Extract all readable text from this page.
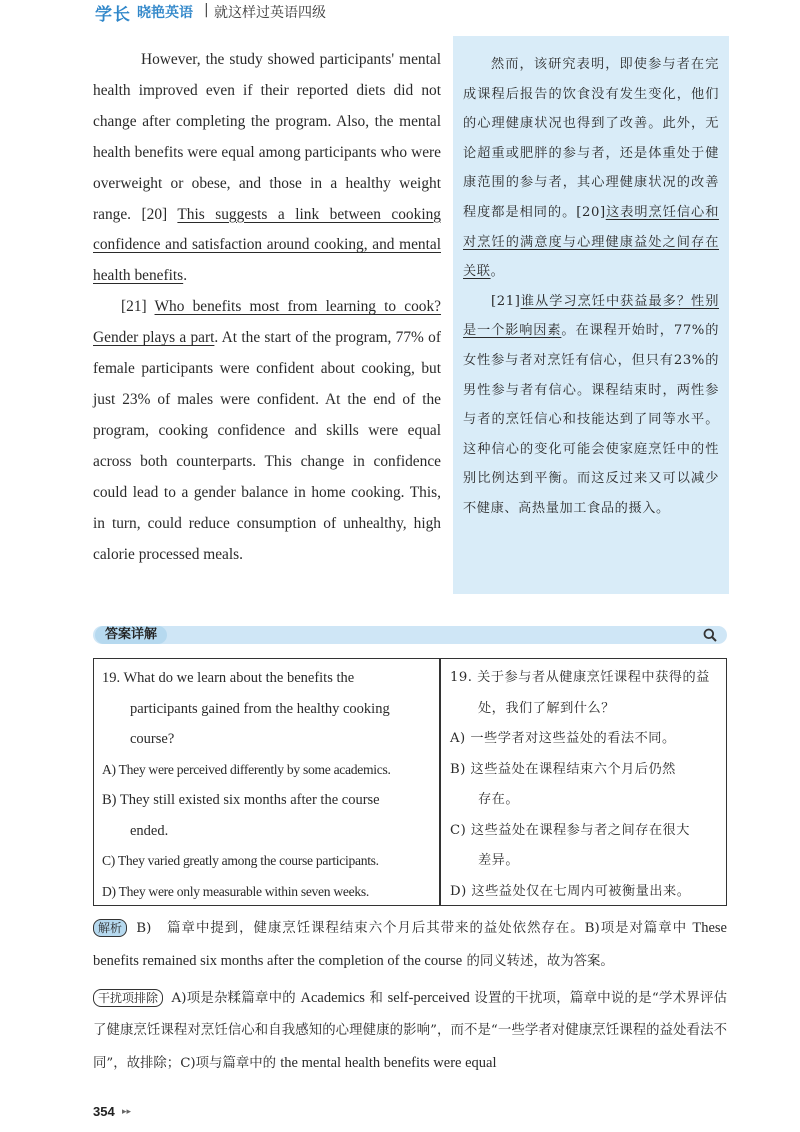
学长 晓艳英语 | 就这样过英语四级

However, the study showed participants' mental health improved even if their reported diets did not change after completing the program. Also, the mental health benefits were equal among participants who were overweight or obese, and those in a healthy weight range. [20] This suggests a link between cooking confidence and satisfaction around cooking, and mental health benefits.

[21] Who benefits most from learning to cook? Gender plays a part. At the start of the program, 77% of female participants were confident about cooking, but just 23% of males were confident. At the end of the program, cooking confidence and skills were equal across both counterparts. This change in confidence could lead to a gender balance in home cooking. This, in turn, could reduce consumption of unhealthy, high calorie processed meals.

然而，该研究表明，即使参与者在完成课程后报告的饮食没有发生变化，他们的心理健康状况也得到了改善。此外，无论超重或肥胖的参与者，还是体重处于健康范围的参与者，其心理健康状况的改善程度都是相同的。[20]这表明烹饪信心和对烹饪的满意度与心理健康益处之间存在关联。

[21]谁从学习烹饪中获益最多？性别是一个影响因素。在课程开始时，77%的女性参与者对烹饪有信心，但只有23%的男性参与者有信心。课程结束时，两性参与者的烹饪信心和技能达到了同等水平。这种信心的变化可能会使家庭烹饪中的性别比例达到平衡。而这反过来又可以减少不健康、高热量加工食品的摄入。

答案详解
19. What do we learn about the benefits the
participants gained from the healthy cooking
course?
A) They were perceived differently by some academics.
B) They still existed six months after the course
ended.
C) They varied greatly among the course participants.
D) They were only measurable within seven weeks.
19. 关于参与者从健康烹饪课程中获得的益
处，我们了解到什么？
A) 一些学者对这些益处的看法不同。
B) 这些益处在课程结束六个月后仍然
存在。
C) 这些益处在课程参与者之间存在很大
差异。
D) 这些益处仅在七周内可被衡量出来。

解析 B) 篇章中提到，健康烹饪课程结束六个月后其带来的益处依然存在。B)项是对篇章中 These benefits remained six months after the completion of the course 的同义转述，故为答案。

干扰项排除 A)项是杂糅篇章中的 Academics 和 self-perceived 设置的干扰项，篇章中说的是“学术界评估了健康烹饪课程对烹饪信心和自我感知的心理健康的影响”，而不是“一些学者对健康烹饪课程的益处看法不同”，故排除；C)项与篇章中的 the mental health benefits were equal

354 ▸▸
